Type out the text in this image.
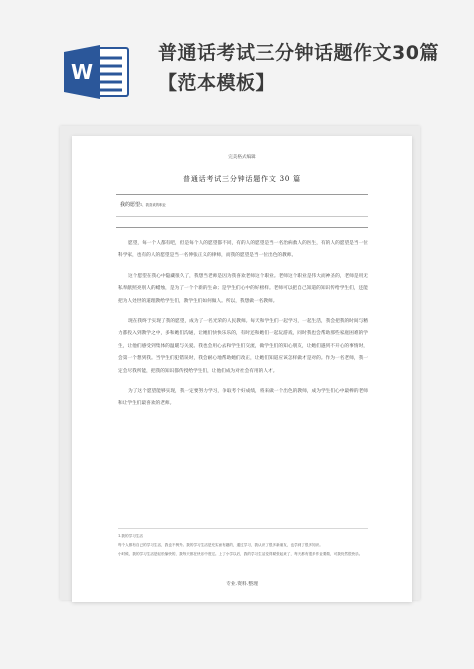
W
普通话考试三分钟话题作文30篇【范本模板】
完美格式编辑
普通话考试三分钟话题作文 30 篇
我的愿望1、我喜欢的职业

愿望，每一个人都有吧，但是每个人的愿望都不同，有的人的愿望是当一名治病救人的医生，有的人的愿望是当一位科学家，也有的人的愿望是当一名伸张正义的律师，而我的愿望是当一位出色的教师。

这个愿望在我心中隐藏很久了，我想当老师是因为我喜欢老师这个职业。老师这个职业是伟大而神圣的，老师是用无私奉献照亮别人的蜡烛，是为了一个个新的生命；是学生们心中的好榜样。老师可以把自己知道的知识传给学生们，还能把为人处世的道理教给学生们，教学生们如何做人。所以，我想做一名教师。

现在我终于实现了我的愿望，成为了一名光荣的人民教师。每天和学生们一起学习，一起生活，我会把我的时间与精力都投入到教学之中，多和她们沟通，让她们快快乐乐的，有时还和她们一起玩游戏，同时我也会帮助那些家庭困难的学生，让他们感受到集体的温暖与关爱。我也会用心去和学生们交流，做学生们的知心朋友，让她们遇到不开心的事情时，会第一个想到我。当学生们犯错误时，我会耐心地帮助她们改正，让她们知道应该怎样做才是对的。作为一名老师，我一定会尽我所能，把我的知识都传授给学生们，让他们成为对社会有用的人才。

为了这个愿望能够实现，我一定要努力学习，争取考个好成绩，将来做一个出色的教师，成为学生们心中最棒的老师和让学生们最喜欢的老师。

1.我的学习生活

每个人都有自己的学习生活，我也不例外。我的学习生活是充实而有趣的，通过学习，我认识了很多新朋友，也学到了很多知识。

小时候，我的学习生活是轻松愉快的，我每天都在快乐中度过。上了小学以后，我的学习生活变得紧张起来了，每天都有很多作业要做，可我仍然很快乐。

专业.资料.整理
